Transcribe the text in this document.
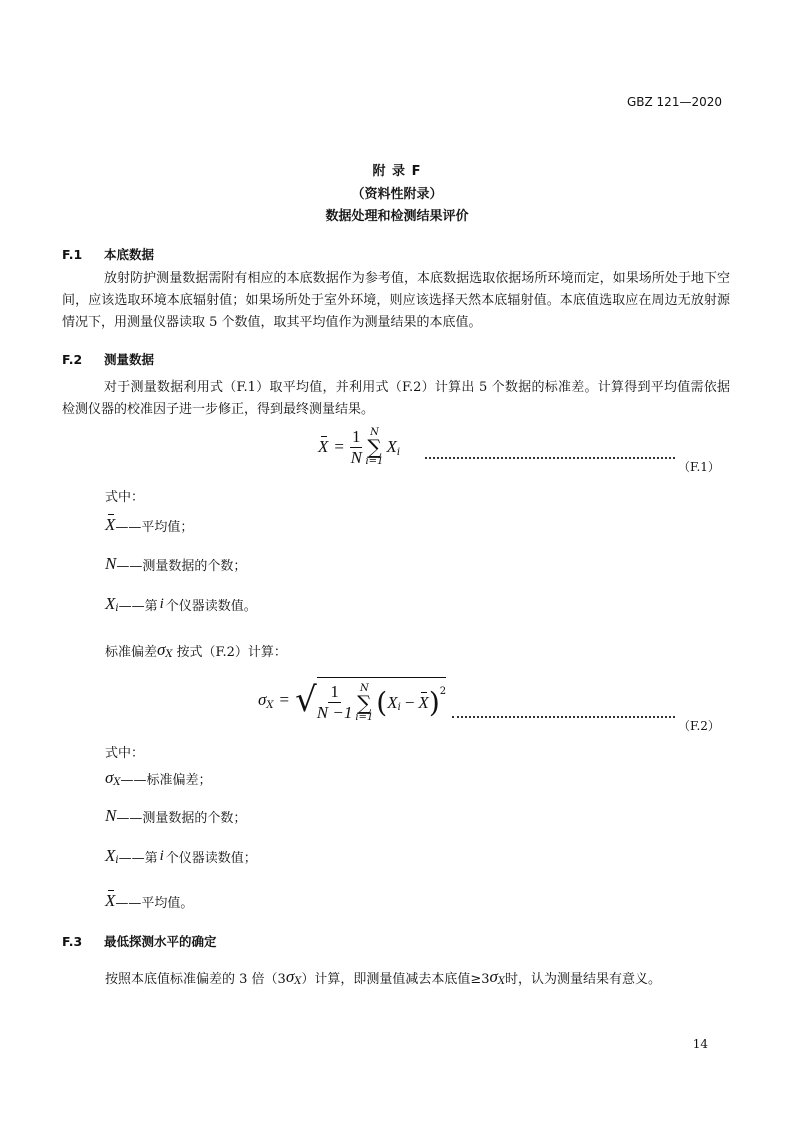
GBZ 121—2020
附 录 F
（资料性附录）
数据处理和检测结果评价
F.1 本底数据
放射防护测量数据需附有相应的本底数据作为参考值，本底数据选取依据场所环境而定，如果场所处于地下空间，应该选取环境本底辐射值；如果场所处于室外环境，则应该选择天然本底辐射值。本底值选取应在周边无放射源情况下，用测量仪器读取 5 个数值，取其平均值作为测量结果的本底值。
F.2 测量数据
对于测量数据利用式（F.1）取平均值，并利用式（F.2）计算出 5 个数据的标准差。计算得到平均值需依据检测仪器的校准因子进一步修正，得到最终测量结果。
$X = \frac{1}{N}$ N
∑
i=1
X i
（F.1）
式中：
X ——平均值；
N ——测量数据的个数；
X i ——第 i 个仪器读数值。
标准偏差 σ X 按式（F.2）计算：
σ X = √ $\frac{1}{N -1}$ N
∑
i=1 ( X i − X ) 2
（F.2）
式中：
σ X ——标准偏差；
N ——测量数据的个数；
X i ——第 i 个仪器读数值；
X ——平均值。
F.3 最低探测水平的确定
按照本底值标准偏差的 3 倍（3 σ X ）计算，即测量值减去本底值≥3 σ X 时，认为测量结果有意义。
14
